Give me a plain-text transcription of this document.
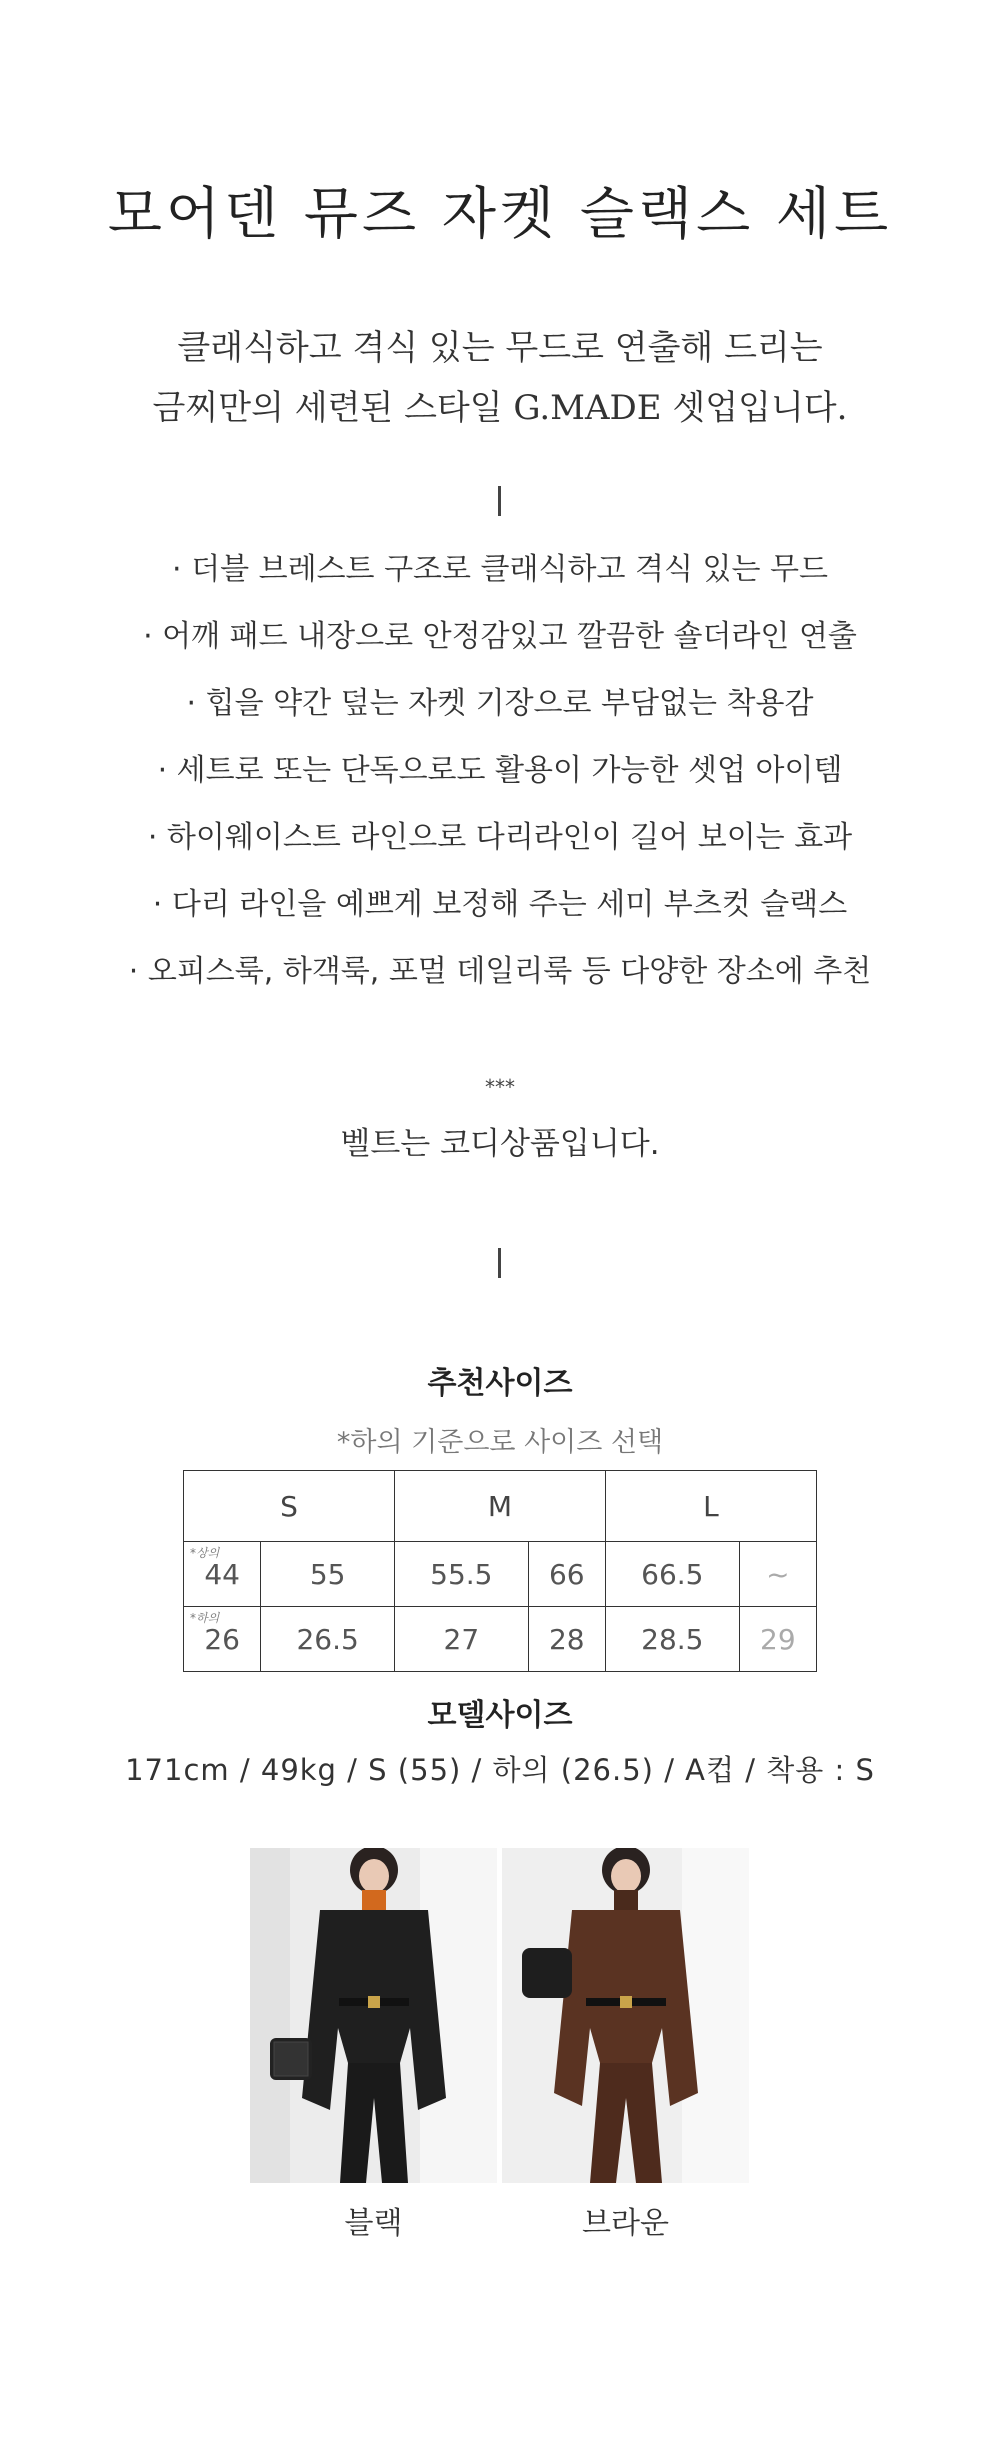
모어덴 뮤즈 자켓 슬랙스 세트
클래식하고 격식 있는 무드로 연출해 드리는
금찌만의 세련된 스타일 G.MADE 셋업입니다.
· 더블 브레스트 구조로 클래식하고 격식 있는 무드
· 어깨 패드 내장으로 안정감있고 깔끔한 숄더라인 연출
· 힙을 약간 덮는 자켓 기장으로 부담없는 착용감
· 세트로 또는 단독으로도 활용이 가능한 셋업 아이템
· 하이웨이스트 라인으로 다리라인이 길어 보이는 효과
· 다리 라인을 예쁘게 보정해 주는 세미 부츠컷 슬랙스
· 오피스룩, 하객룩, 포멀 데일리룩 등 다양한 장소에 추천
***
벨트는 코디상품입니다.
추천사이즈
*하의 기준으로 사이즈 선택
S		M		L	

*상의
44	55	55.5	66	66.5	~

*하의
26	26.5	27	28	28.5	29
모델사이즈
171cm / 49kg / S (55) / 하의 (26.5) / A컵 / 착용 : S
블랙	브라운
